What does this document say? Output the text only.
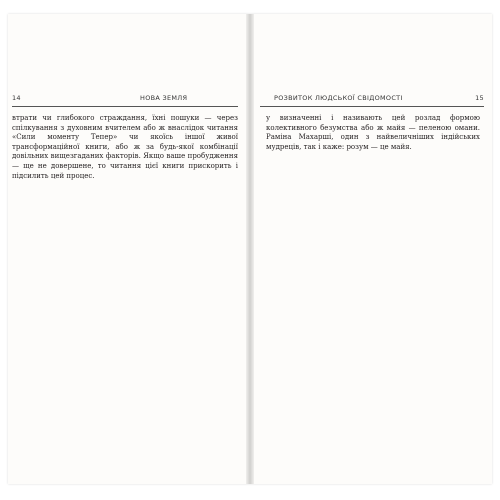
14	НОВА ЗЕМЛЯ

втрати чи глибокого страждання, їхні пошуки — через спілкування з духовним вчителем або ж внаслідок читання «Сили моменту Тепер» чи якоїсь іншої живої трансформаційної книги, або ж за будь-якої комбінації довільних вищезгаданих факторів. Якщо ваше пробудження — ще не довершене, то читання цієї книги прискорить і підсилить цей процес.

РОЗВИТОК ЛЮДСЬКОЇ СВІДОМОСТІ	15

у визначенні і називають цей розлад формою колективного безумства або ж майя — пеленою омани. Раміна Махарші, один з найвеличніших індійських мудреців, так і каже: розум — це майя.
